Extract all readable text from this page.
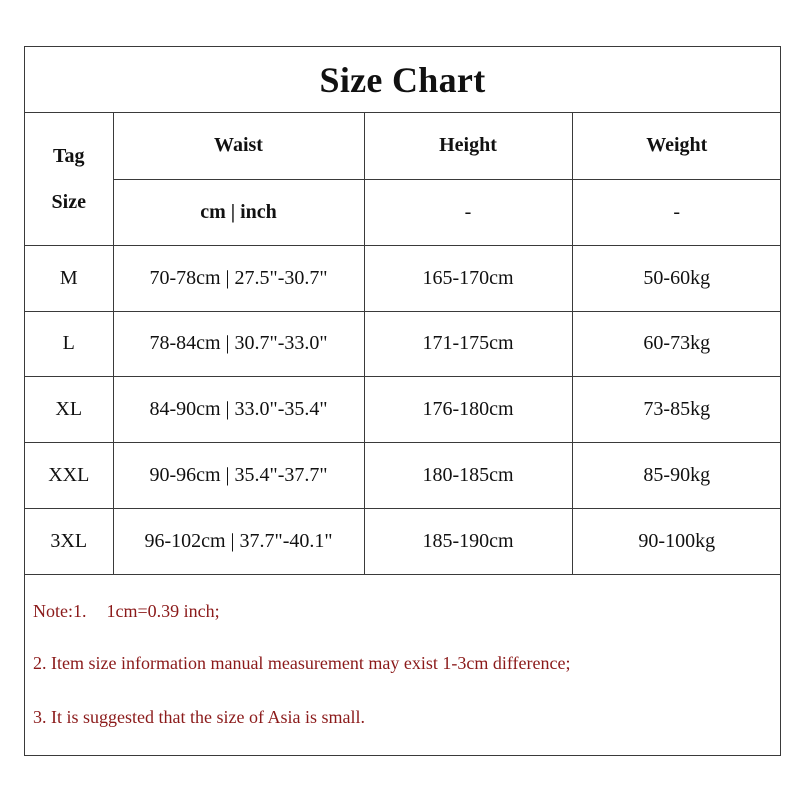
Size Chart
Tag
Size	Waist	Height	Weight
	cm | inch	-	-
M	70-78cm | 27.5"-30.7"	165-170cm	50-60kg
L	78-84cm | 30.7"-33.0"	171-175cm	60-73kg
XL	84-90cm | 33.0"-35.4"	176-180cm	73-85kg
XXL	90-96cm | 35.4"-37.7"	180-185cm	85-90kg
3XL	96-102cm | 37.7"-40.1"	185-190cm	90-100kg
Note:1. 1cm=0.39 inch;
2. Item size information manual measurement may exist 1-3cm difference;
3. It is suggested that the size of Asia is small.
